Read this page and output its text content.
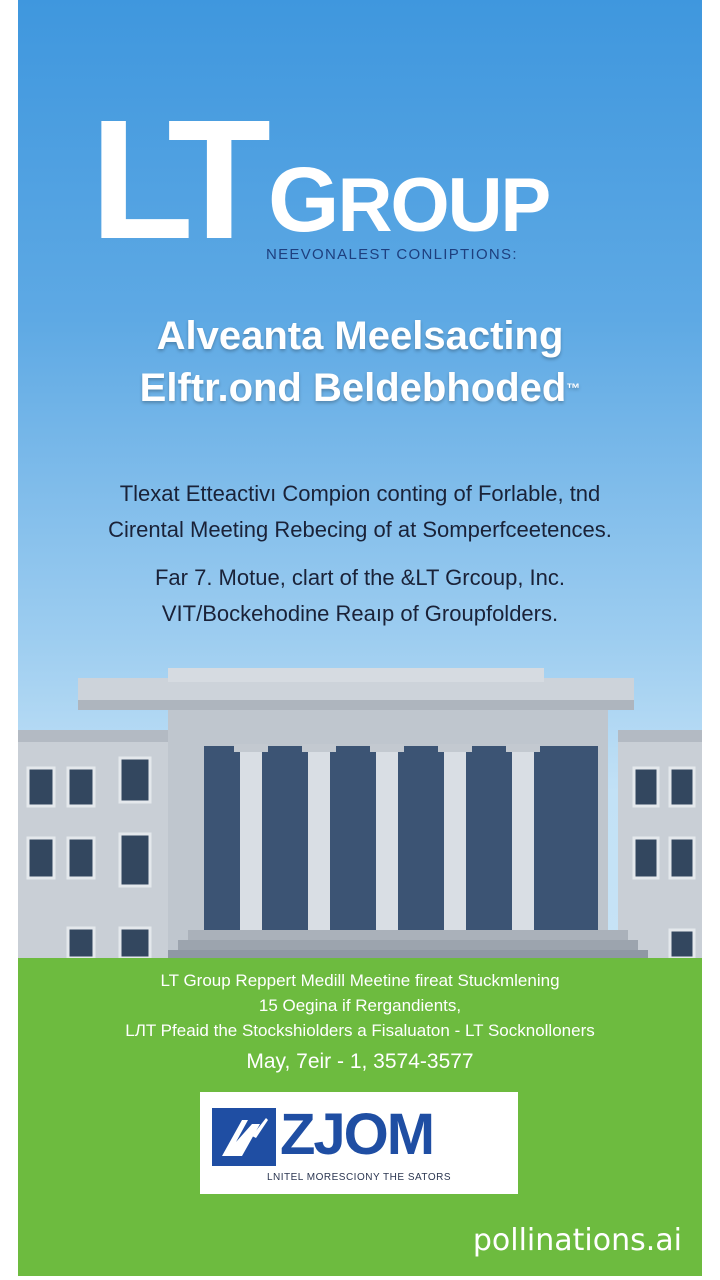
LT GROUP
NEEVONALEST CONLIPTIONS:
Alveanta Meelsacting
Elftr.ond Beldebhoded™
Tlexat Etteactivı Compion conting of Forlable, tnd
Cirental Meeting Rebecing of at Somperfceetences.
Far 7. Motue, clart of the &LT Grcoup, Inc.
VIT/Bockehodine Reaıp of Groupfolders.
LT Group Reppert Medill Meetine fireat Stuckmlening
15 Oegina if Rergandients,
LЛT Pfeaid the Stockshiolders a Fisaluaton - LT Socknolloners
May, 7eir - 1, 3574-3577
ZJOM
LNITEL MORESCIONY THE SATORS
pollinations.ai
